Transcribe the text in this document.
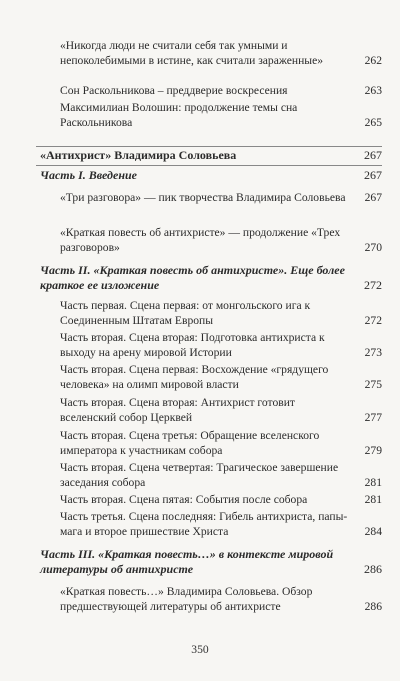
«Никогда люди не считали себя так умными и непоколебимыми в истине, как считали зараженные»	262
Сон Раскольникова – преддверие воскресения	263
Максимилиан Волошин: продолжение темы сна Раскольникова	265
«Антихрист» Владимира Соловьева	267
Часть I. Введение	267
«Три разговора» — пик творчества Владимира Соловьева	267
«Краткая повесть об антихристе» — продолжение «Трех разговоров»	270
Часть II. «Краткая повесть об антихристе». Еще более краткое ее изложение	272
Часть первая. Сцена первая: от монгольского ига к Соединенным Штатам Европы	272
Часть вторая. Сцена вторая: Подготовка антихриста к выходу на арену мировой Истории	273
Часть вторая. Сцена первая: Восхождение «грядущего человека» на олимп мировой власти	275
Часть вторая. Сцена вторая: Антихрист готовит вселенский собор Церквей	277
Часть вторая. Сцена третья: Обращение вселенского императора к участникам собора	279
Часть вторая. Сцена четвертая: Трагическое завершение заседания собора	281
Часть вторая. Сцена пятая: События после собора	281
Часть третья. Сцена последняя: Гибель антихриста, папы-мага и второе пришествие Христа	284
Часть III. «Краткая повесть…» в контексте мировой литературы об антихристе	286
«Краткая повесть…» Владимира Соловьева. Обзор предшествующей литературы об антихристе	286
350
